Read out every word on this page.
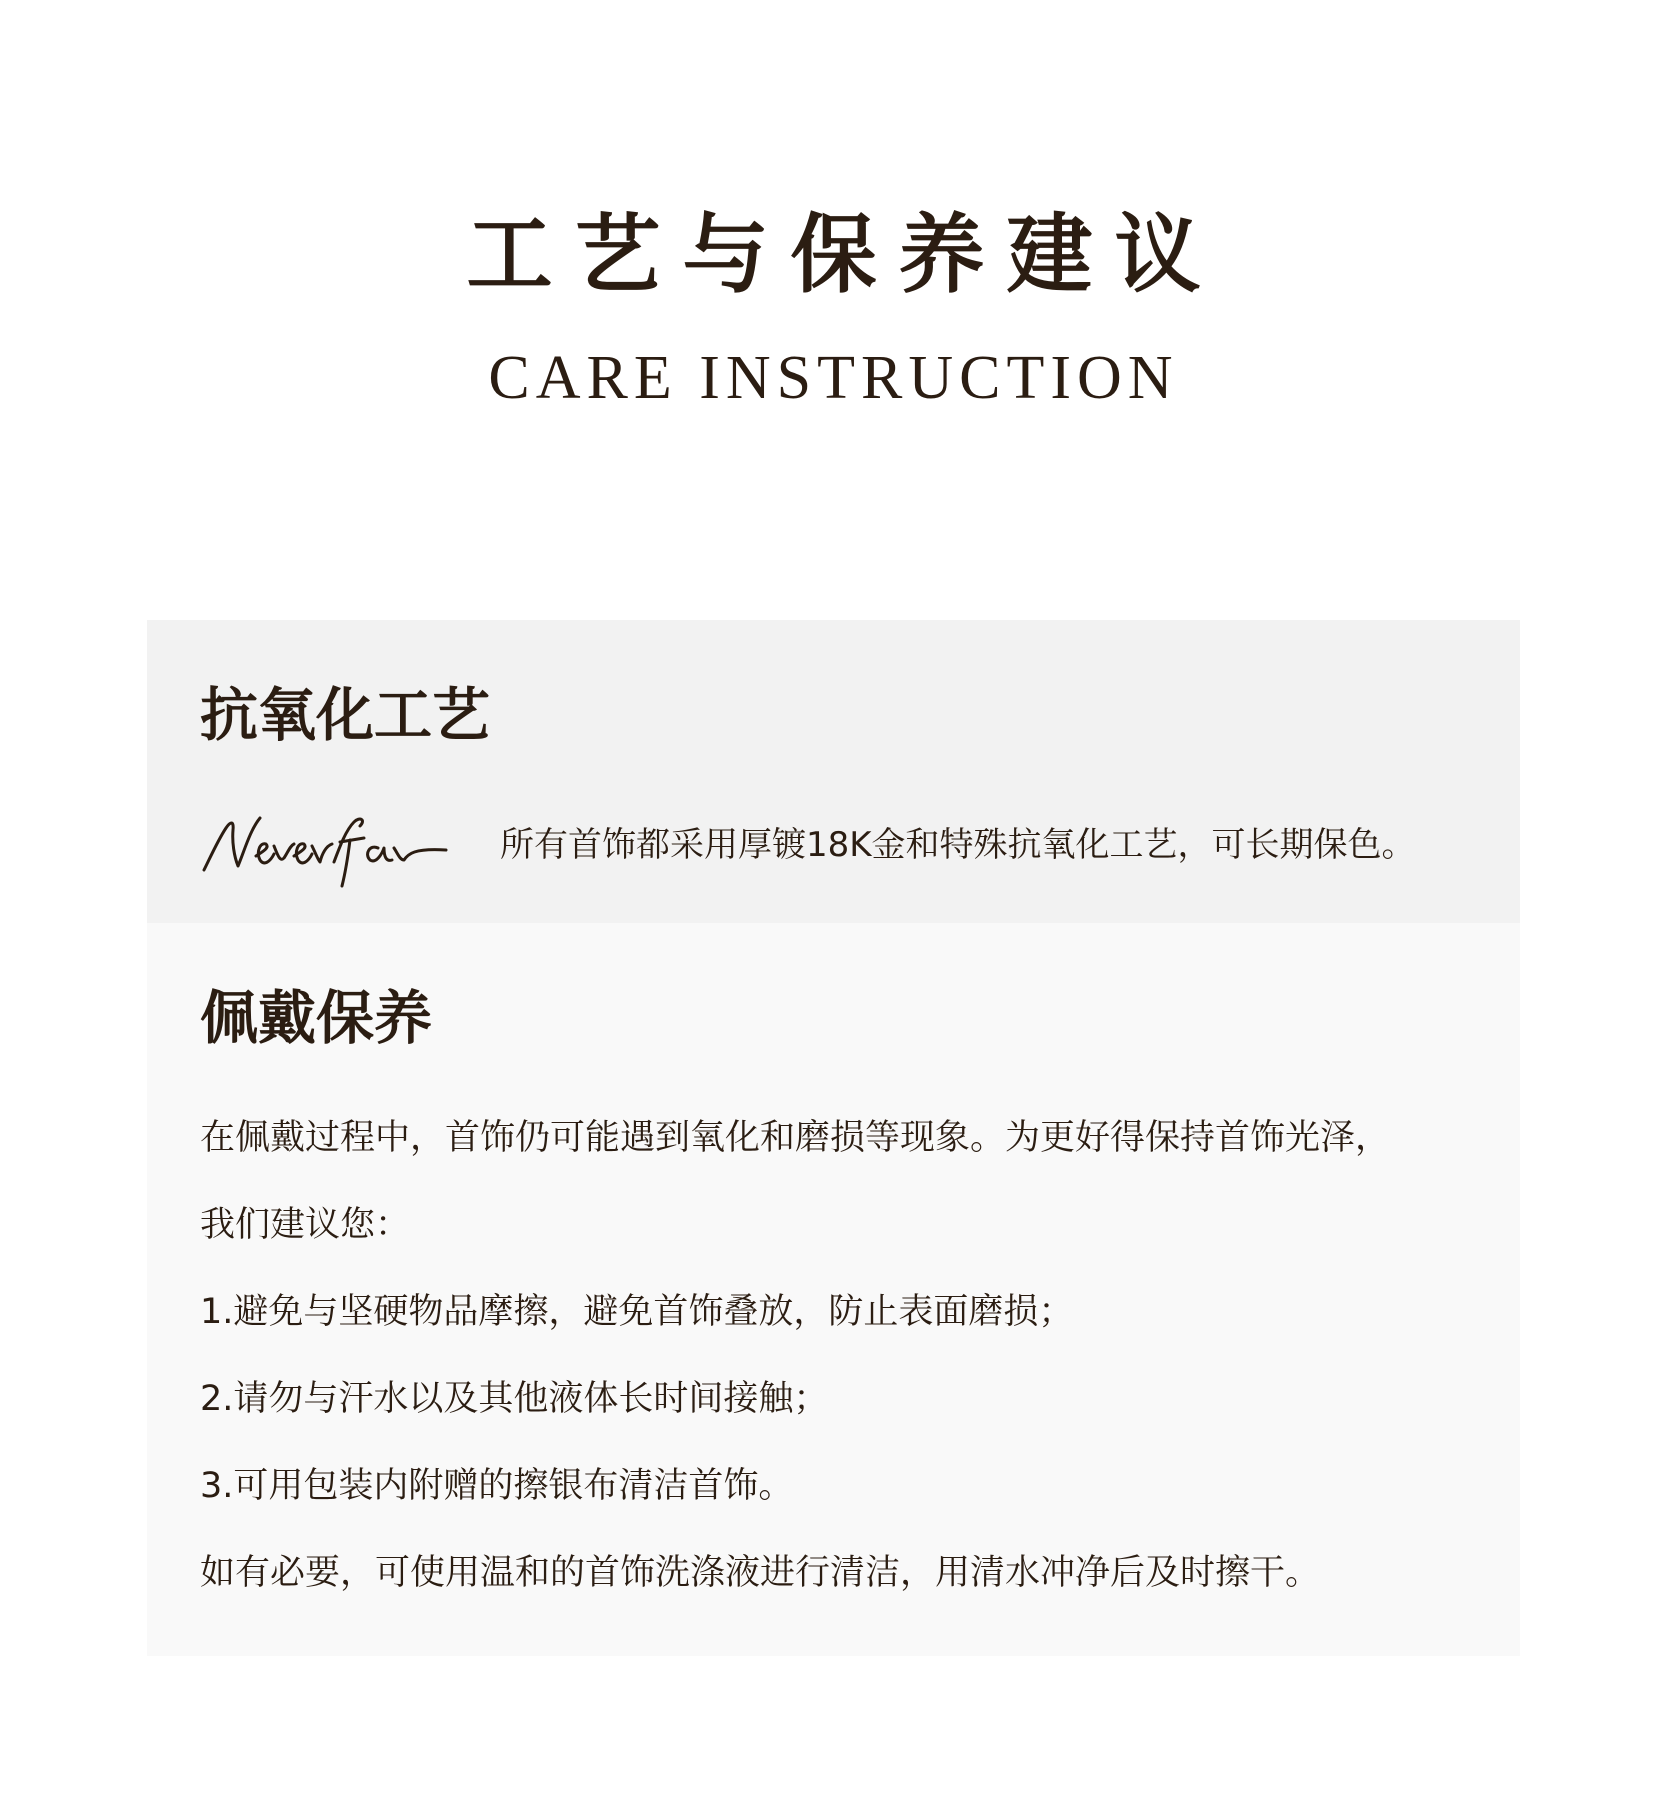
工艺与保养建议
CARE INSTRUCTION
抗氧化工艺
所有首饰都采用厚镀18K金和特殊抗氧化工艺，可长期保色。
佩戴保养
在佩戴过程中，首饰仍可能遇到氧化和磨损等现象。为更好得保持首饰光泽，
我们建议您：
1.避免与坚硬物品摩擦，避免首饰叠放，防止表面磨损；
2.请勿与汗水以及其他液体长时间接触；
3.可用包装内附赠的擦银布清洁首饰。
如有必要，可使用温和的首饰洗涤液进行清洁，用清水冲净后及时擦干。
